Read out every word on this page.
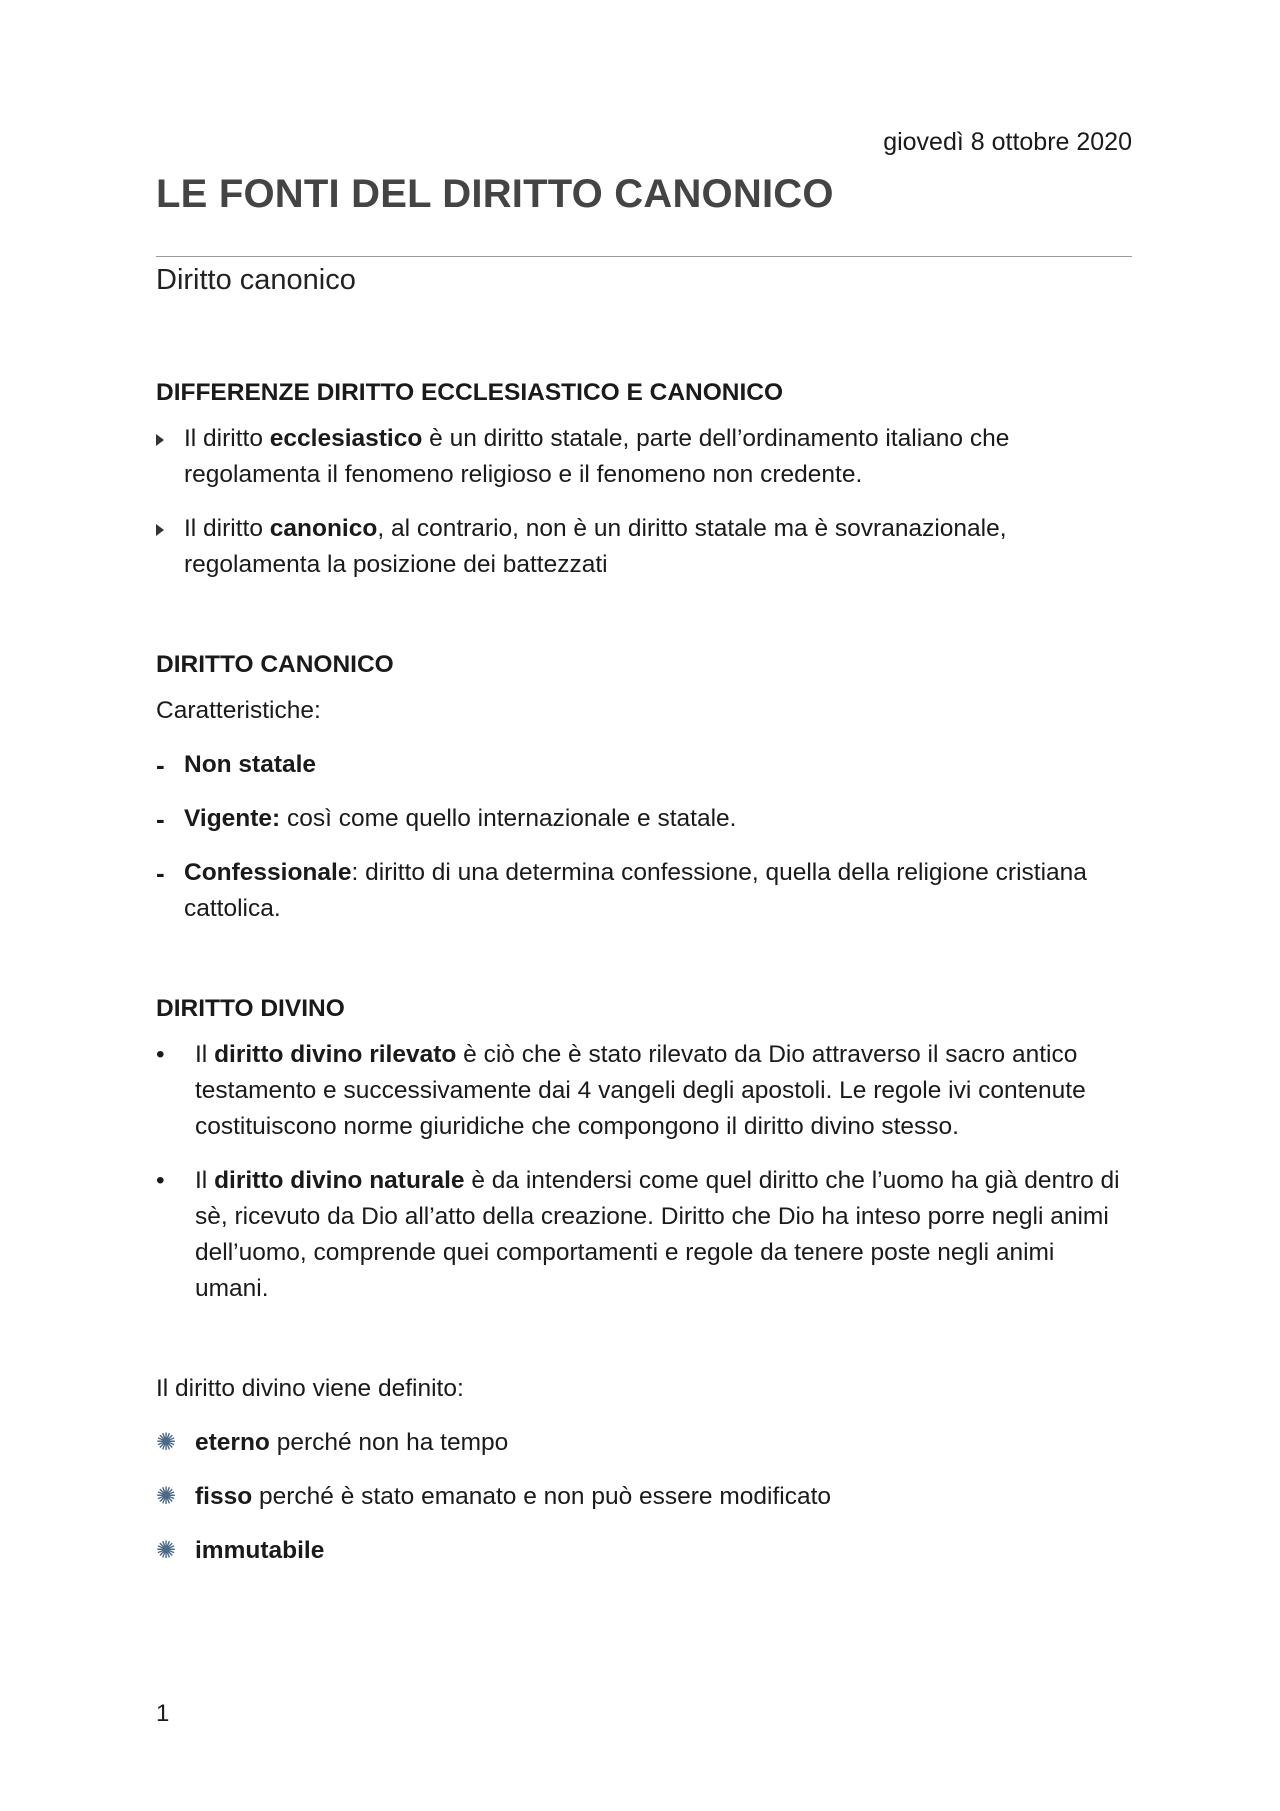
giovedì 8 ottobre 2020
LE FONTI DEL DIRITTO CANONICO
Diritto canonico

DIFFERENZE DIRITTO ECCLESIASTICO E CANONICO

Il diritto ecclesiastico è un diritto statale, parte dell’ordinamento italiano che regolamenta il fenomeno religioso e il fenomeno non credente.
Il diritto canonico, al contrario, non è un diritto statale ma è sovranazionale, regolamenta la posizione dei battezzati

DIRITTO CANONICO

Caratteristiche:
- Non statale
- Vigente: così come quello internazionale e statale.
- Confessionale: diritto di una determina confessione, quella della religione cristiana cattolica.

DIRITTO DIVINO

•	Il diritto divino rilevato è ciò che è stato rilevato da Dio attraverso il sacro antico testamento e successivamente dai 4 vangeli degli apostoli. Le regole ivi contenute costituiscono norme giuridiche che compongono il diritto divino stesso.
•	Il diritto divino naturale è da intendersi come quel diritto che l’uomo ha già dentro di sè, ricevuto da Dio all’atto della creazione. Diritto che Dio ha inteso porre negli animi dell’uomo, comprende quei comportamenti e regole da tenere poste negli animi umani.
Il diritto divino viene definito:
✺ eterno perché non ha tempo
✺ fisso perché è stato emanato e non può essere modificato
✺ immutabile
1
